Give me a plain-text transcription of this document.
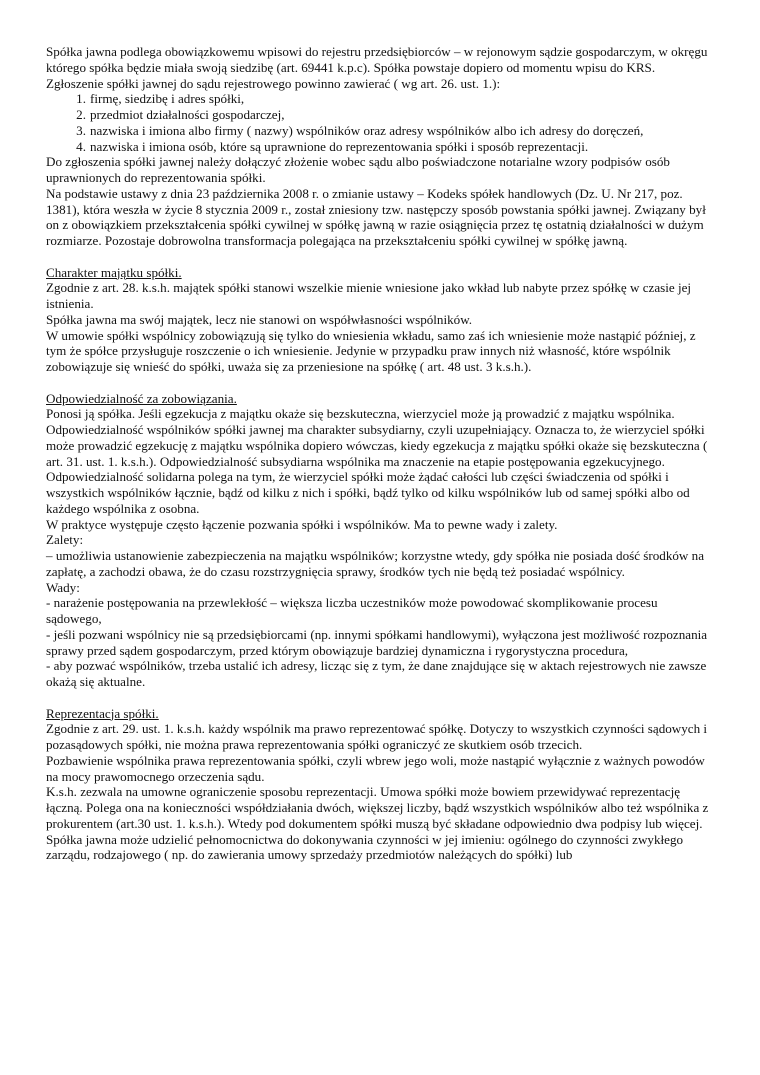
Spółka jawna podlega obowiązkowemu wpisowi do rejestru przedsiębiorców – w rejonowym sądzie gospodarczym, w okręgu którego spółka będzie miała swoją siedzibę (art. 69441 k.p.c). Spółka powstaje dopiero od momentu wpisu do KRS.

Zgłoszenie spółki jawnej do sądu rejestrowego powinno zawierać ( wg art. 26. ust. 1.):

1. firmę, siedzibę i adres spółki,
2. przedmiot działalności gospodarczej,
3. nazwiska i imiona albo firmy ( nazwy) wspólników oraz adresy wspólników albo ich adresy do doręczeń,
4. nazwiska i imiona osób, które są uprawnione do reprezentowania spółki i sposób reprezentacji.

Do zgłoszenia spółki jawnej należy dołączyć złożenie wobec sądu albo poświadczone notarialne wzory podpisów osób uprawnionych do reprezentowania spółki.

Na podstawie ustawy z dnia 23 października 2008 r. o zmianie ustawy – Kodeks spółek handlowych (Dz. U. Nr 217, poz. 1381), która weszła w życie 8 stycznia 2009 r., został zniesiony tzw. następczy sposób powstania spółki jawnej. Związany był on z obowiązkiem przekształcenia spółki cywilnej w spółkę jawną w razie osiągnięcia przez tę ostatnią działalności w dużym rozmiarze. Pozostaje dobrowolna transformacja polegająca na przekształceniu spółki cywilnej w spółkę jawną.

Charakter majątku spółki.

Zgodnie z art. 28. k.s.h. majątek spółki stanowi wszelkie mienie wniesione jako wkład lub nabyte przez spółkę w czasie jej istnienia.

Spółka jawna ma swój majątek, lecz nie stanowi on współwłasności wspólników.

W umowie spółki wspólnicy zobowiązują się tylko do wniesienia wkładu, samo zaś ich wniesienie może nastąpić później, z tym że spółce przysługuje roszczenie o ich wniesienie. Jedynie w przypadku praw innych niż własność, które wspólnik zobowiązuje się wnieść do spółki, uważa się za przeniesione na spółkę ( art. 48 ust. 3 k.s.h.).

Odpowiedzialność za zobowiązania.

Ponosi ją spółka. Jeśli egzekucja z majątku okaże się bezskuteczna, wierzyciel może ją prowadzić z majątku wspólnika.

Odpowiedzialność wspólników spółki jawnej ma charakter subsydiarny, czyli uzupełniający. Oznacza to, że wierzyciel spółki może prowadzić egzekucję z majątku wspólnika dopiero wówczas, kiedy egzekucja z majątku spółki okaże się bezskuteczna ( art. 31. ust. 1. k.s.h.). Odpowiedzialność subsydiarna wspólnika ma znaczenie na etapie postępowania egzekucyjnego.

Odpowiedzialność solidarna polega na tym, że wierzyciel spółki może żądać całości lub części świadczenia od spółki i wszystkich wspólników łącznie, bądź od kilku z nich i spółki, bądź tylko od kilku wspólników lub od samej spółki albo od każdego wspólnika z osobna.

W praktyce występuje często łączenie pozwania spółki i wspólników. Ma to pewne wady i zalety.

Zalety:

– umożliwia ustanowienie zabezpieczenia na majątku wspólników; korzystne wtedy, gdy spółka nie posiada dość środków na zapłatę, a zachodzi obawa, że do czasu rozstrzygnięcia sprawy, środków tych nie będą też posiadać wspólnicy.

Wady:

- narażenie postępowania na przewlekłość – większa liczba uczestników może powodować skomplikowanie procesu sądowego,

- jeśli pozwani wspólnicy nie są przedsiębiorcami (np. innymi spółkami handlowymi), wyłączona jest możliwość rozpoznania sprawy przed sądem gospodarczym, przed którym obowiązuje bardziej dynamiczna i rygorystyczna procedura,

- aby pozwać wspólników, trzeba ustalić ich adresy, licząc się z tym, że dane znajdujące się w aktach rejestrowych nie zawsze okażą się aktualne.

Reprezentacja spółki.

Zgodnie z art. 29. ust. 1. k.s.h. każdy wspólnik ma prawo reprezentować spółkę. Dotyczy to wszystkich czynności sądowych i pozasądowych spółki, nie można prawa reprezentowania spółki ograniczyć ze skutkiem osób trzecich.

Pozbawienie wspólnika prawa reprezentowania spółki, czyli wbrew jego woli, może nastąpić wyłącznie z ważnych powodów na mocy prawomocnego orzeczenia sądu.

K.s.h. zezwala na umowne ograniczenie sposobu reprezentacji. Umowa spółki może bowiem przewidywać reprezentację łączną. Polega ona na konieczności współdziałania dwóch, większej liczby, bądź wszystkich wspólników albo też wspólnika z prokurentem (art.30 ust. 1. k.s.h.). Wtedy pod dokumentem spółki muszą być składane odpowiednio dwa podpisy lub więcej.

Spółka jawna może udzielić pełnomocnictwa do dokonywania czynności w jej imieniu: ogólnego do czynności zwykłego zarządu, rodzajowego ( np. do zawierania umowy sprzedaży przedmiotów należących do spółki) lub
